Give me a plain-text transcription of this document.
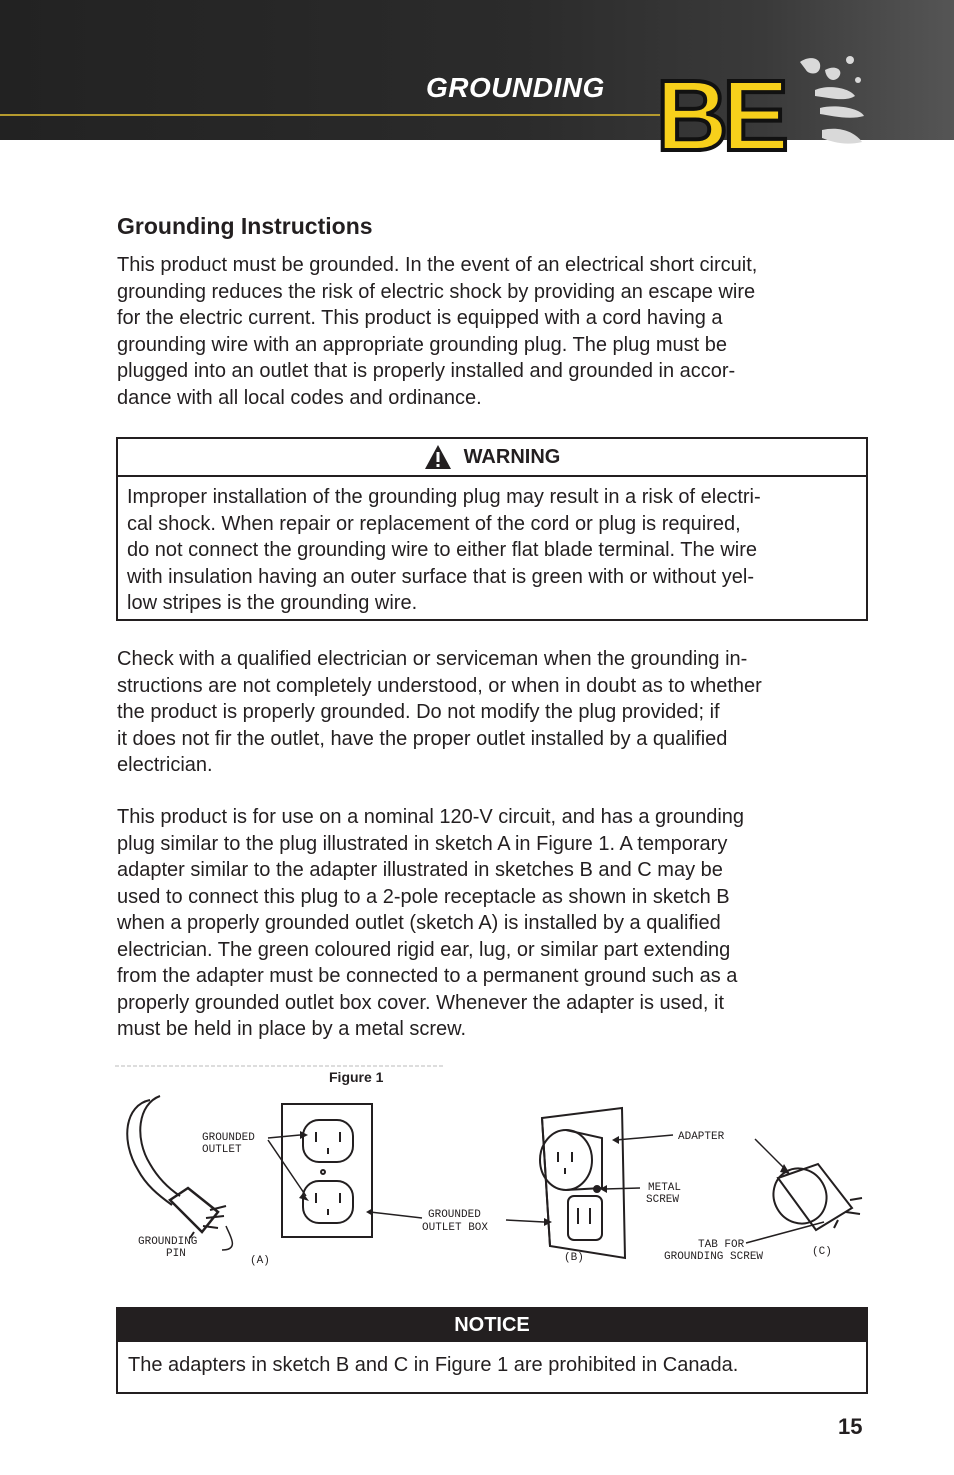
GROUNDING BE
Grounding Instructions
This product must be grounded. In the event of an electrical short circuit,
grounding reduces the risk of electric shock by providing an escape wire
for the electric current. This product is equipped with a cord having a
grounding wire with an appropriate grounding plug. The plug must be
plugged into an outlet that is properly installed and grounded in accor-
dance with all local codes and ordinance.
WARNING
Improper installation of the grounding plug may result in a risk of electri-
cal shock. When repair or replacement of the cord or plug is required,
do not connect the grounding wire to either flat blade terminal. The wire
with insulation having an outer surface that is green with or without yel-
low stripes is the grounding wire.
Check with a qualified electrician or serviceman when the grounding in-
structions are not completely understood, or when in doubt as to whether
the product is properly grounded. Do not modify the plug provided; if
it does not fir the outlet, have the proper outlet installed by a qualified
electrician.
This product is for use on a nominal 120-V circuit, and has a grounding
plug similar to the plug illustrated in sketch A in Figure 1. A temporary
adapter similar to the adapter illustrated in sketches B and C may be
used to connect this plug to a 2-pole receptacle as shown in sketch B
when a properly grounded outlet (sketch A) is installed by a qualified
electrician. The green coloured rigid ear, lug, or similar part extending
from the adapter must be connected to a permanent ground such as a
properly grounded outlet box cover. Whenever the adapter is used, it
must be held in place by a metal screw.
Figure 1
GROUNDED
OUTLET
GROUNDING
PIN
(A)
GROUNDED
OUTLET BOX
(B)
ADAPTER
METAL
SCREW
TAB FOR
GROUNDING SCREW	(C)
NOTICE
The adapters in sketch B and C in Figure 1 are prohibited in Canada.
15
